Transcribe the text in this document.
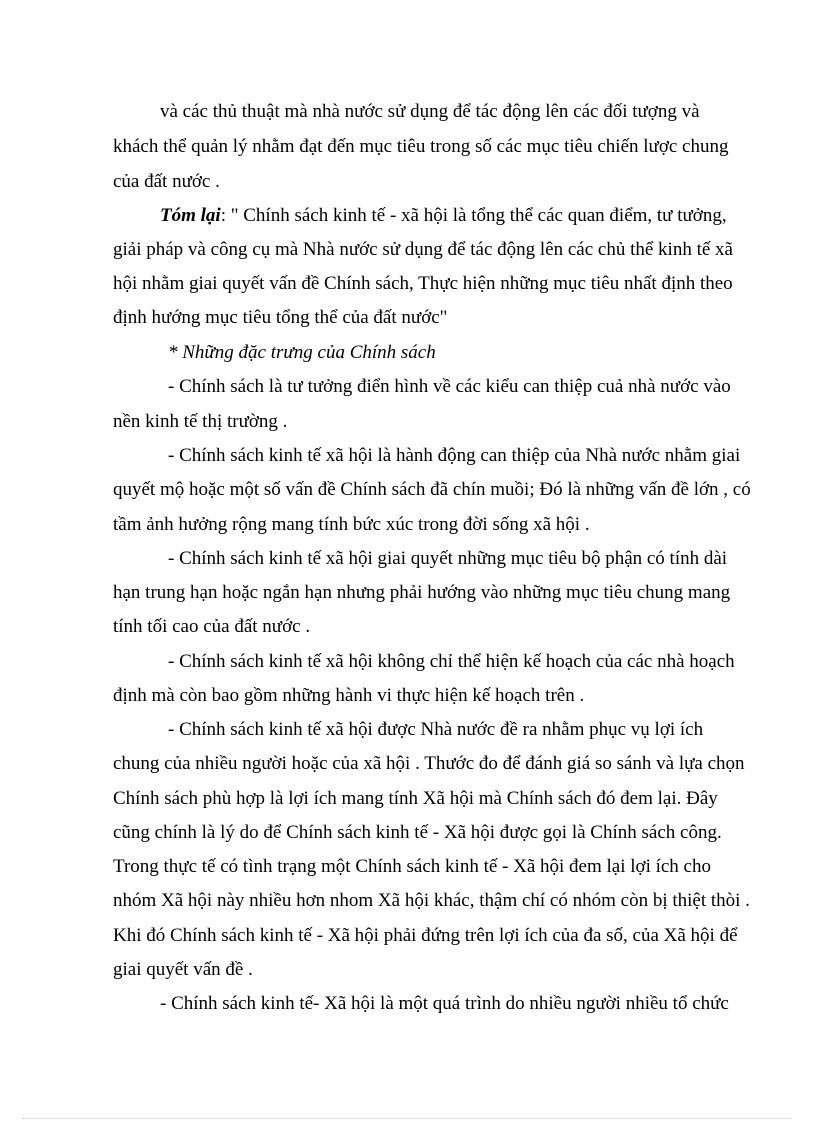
và các thủ thuật mà nhà nước sử dụng để tác động lên các đối tượng và
khách thể quản lý nhằm đạt đến mục tiêu trong số các mục tiêu chiến lược chung
của đất nước .
Tóm lại: " Chính sách kinh tế - xã hội là tổng thể các quan điểm, tư tưởng,
giải pháp và công cụ mà Nhà nước sử dụng để tác động lên các chủ thể kinh tế xã
hội nhằm giai quyết vấn đề Chính sách, Thực hiện những mục tiêu nhất định theo
định hướng mục tiêu tổng thể của đất nước"
* Những đặc trưng của Chính sách
- Chính sách là tư tưởng điển hình về các kiểu can thiệp cuả nhà nước vào
nền kinh tế thị trường .
- Chính sách kinh tế xã hội là hành động can thiệp của Nhà nước nhằm giai
quyết mộ hoặc một số vấn đề Chính sách đã chín muồi; Đó là những vấn đề lớn , có
tầm ảnh hưởng rộng mang tính bức xúc trong đời sống xã hội .
- Chính sách kinh tế xã hội giai quyết những mục tiêu bộ phận có tính dài
hạn trung hạn hoặc ngắn hạn nhưng phải hướng vào những mục tiêu chung mang
tính tối cao của đất nước .
- Chính sách kinh tế xã hội không chỉ thể hiện kế hoạch của các nhà hoạch
định mà còn bao gồm những hành vi thực hiện kế hoạch trên .
- Chính sách kinh tế xã hội được Nhà nước đề ra nhằm phục vụ lợi ích
chung của nhiều người hoặc của xã hội . Thước đo để đánh giá so sánh và lựa chọn
Chính sách phù hợp là lợi ích mang tính Xã hội mà Chính sách đó đem lại. Đây
cũng chính là lý do để Chính sách kinh tế - Xã hội được gọi là Chính sách công.
Trong thực tế có tình trạng một Chính sách kinh tế - Xã hội đem lại lợi ích cho
nhóm Xã hội này nhiều hơn nhom Xã hội khác, thậm chí có nhóm còn bị thiệt thòi .
Khi đó Chính sách kinh tế - Xã hội phải đứng trên lợi ích của đa số, của Xã hội để
giai quyết vấn đề .
- Chính sách kinh tế- Xã hội là một quá trình do nhiều người nhiều tổ chức
